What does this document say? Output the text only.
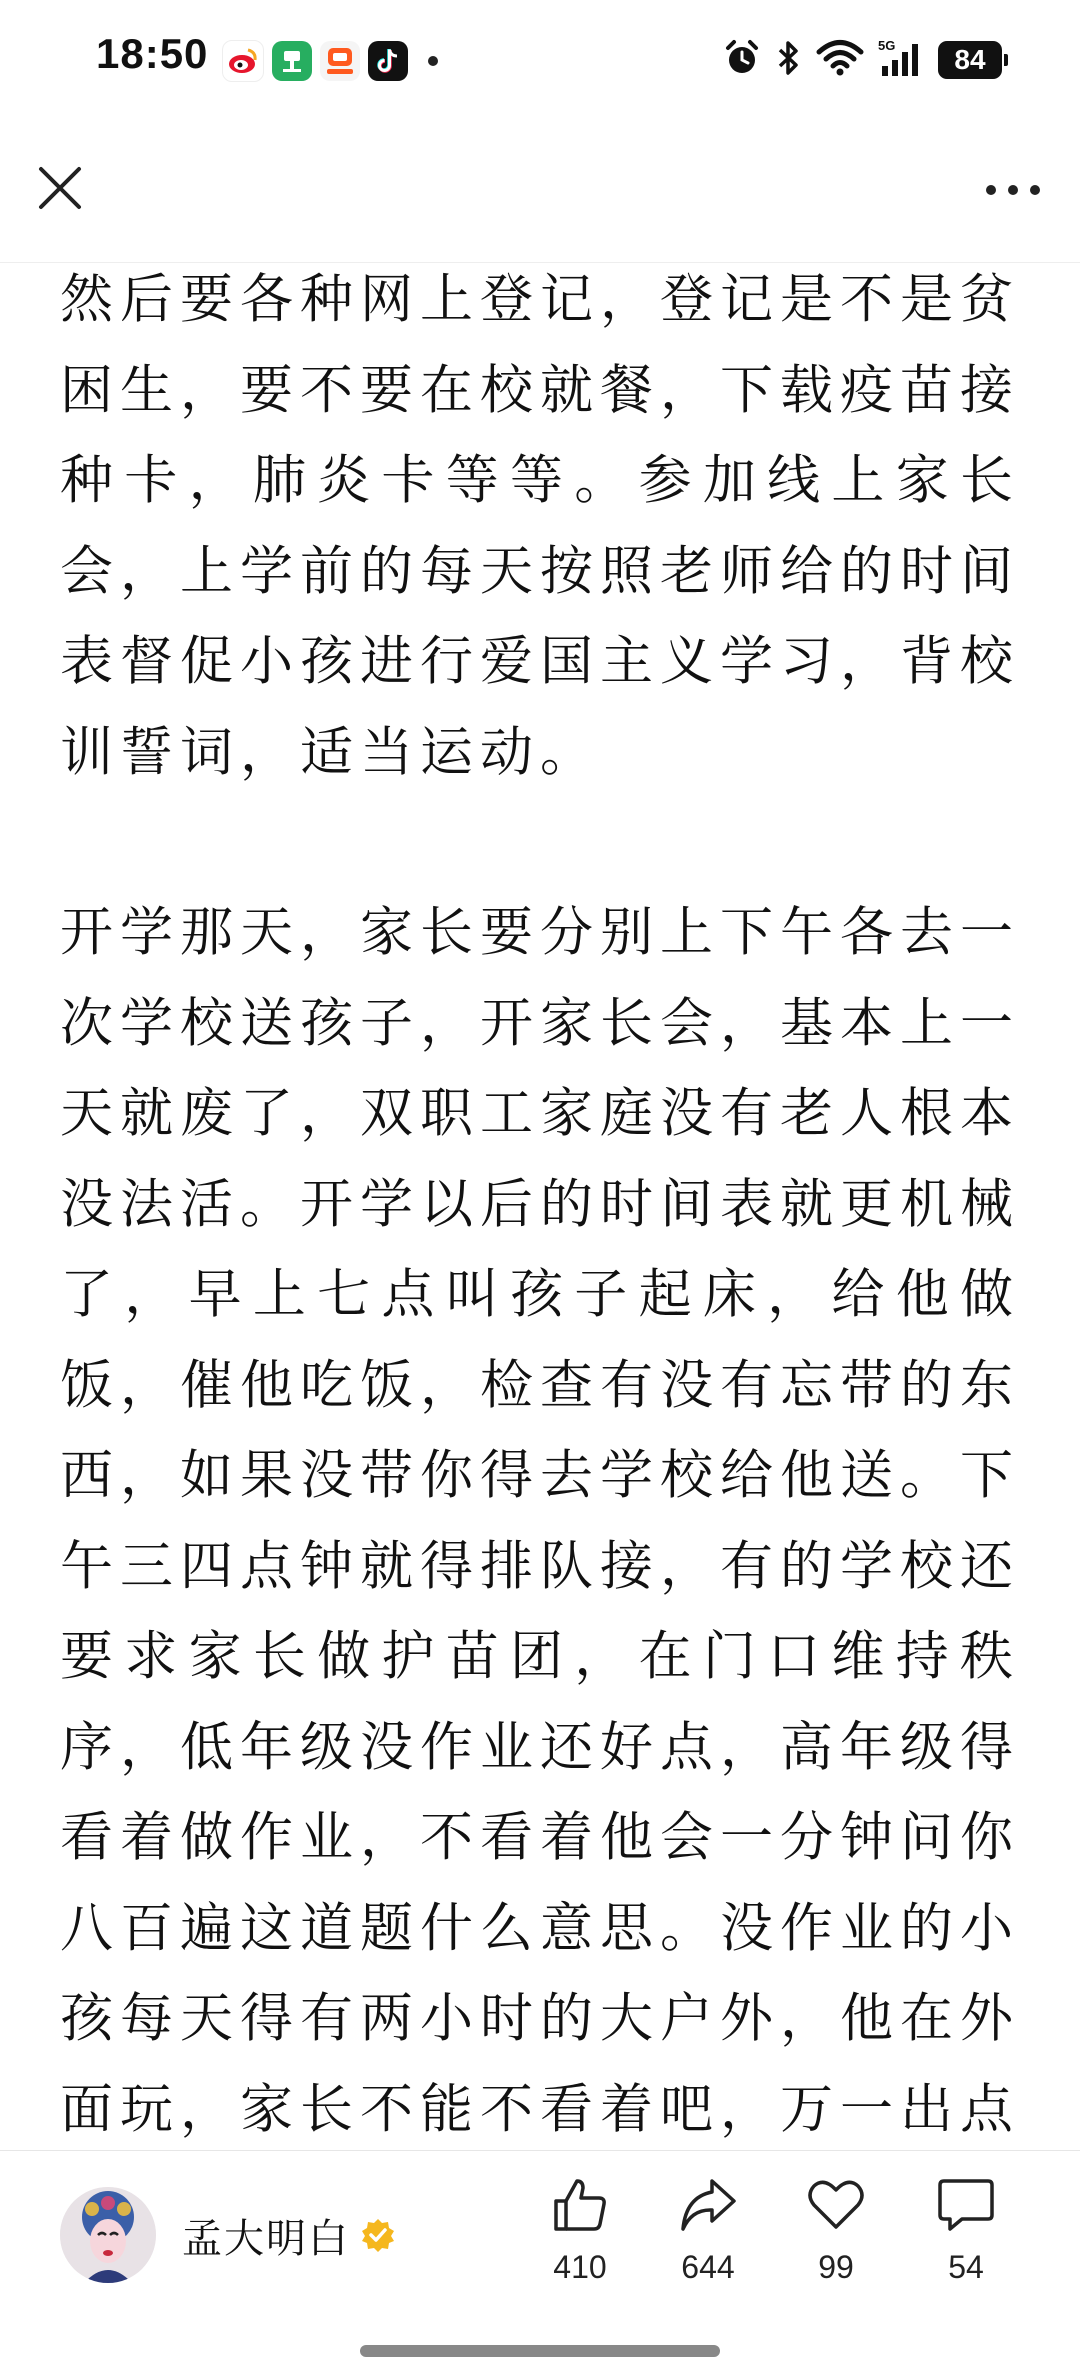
18:50	5G	84

然后要各种网上登记，登记是不是贫困生，要不要在校就餐，下载疫苗接种卡，肺炎卡等等。参加线上家长会，上学前的每天按照老师给的时间表督促小孩进行爱国主义学习，背校训誓词，适当运动。

开学那天，家长要分别上下午各去一次学校送孩子，开家长会，基本上一天就废了，双职工家庭没有老人根本没法活。开学以后的时间表就更机械了，早上七点叫孩子起床，给他做饭，催他吃饭，检查有没有忘带的东西，如果没带你得去学校给他送。下午三四点钟就得排队接，有的学校还要求家长做护苗团，在门口维持秩序，低年级没作业还好点，高年级得看着做作业，不看着他会一分钟问你八百遍这道题什么意思。没作业的小孩每天得有两小时的大户外，他在外面玩，家长不能不看着吧，万一出点

孟大明白
410	644	99	54
